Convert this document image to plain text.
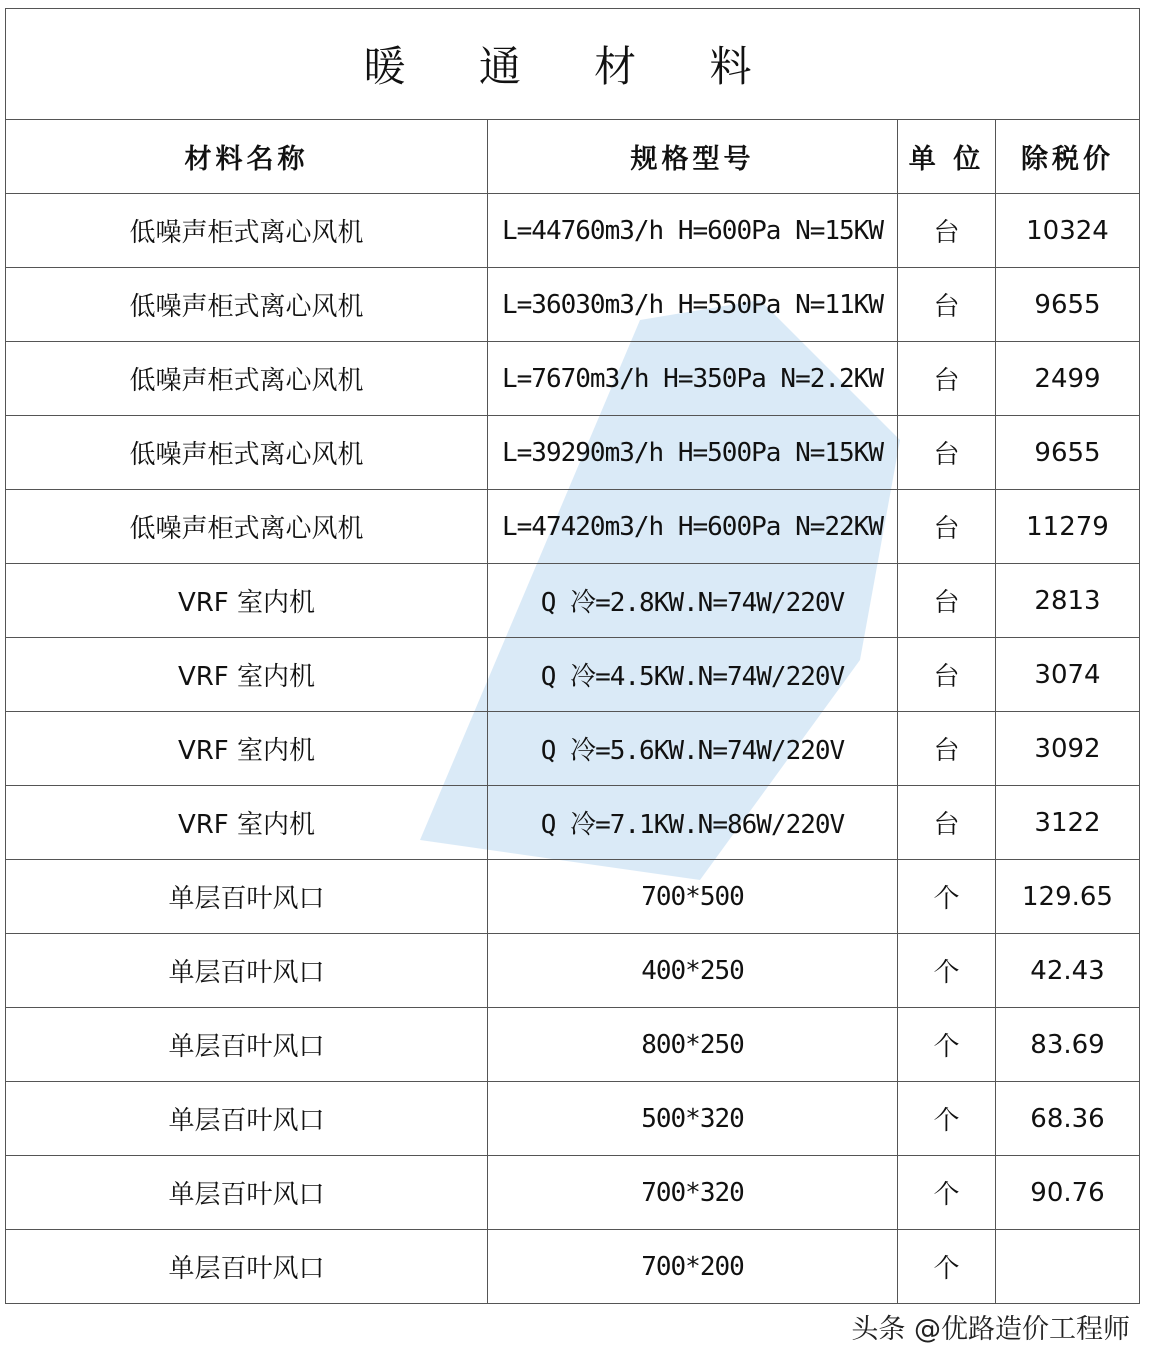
暖 通 材 料			
材料名称	规格型号	单 位	除税价
低噪声柜式离心风机	L=44760m3/h H=600Pa N=15KW	台	10324
低噪声柜式离心风机	L=36030m3/h H=550Pa N=11KW	台	9655
低噪声柜式离心风机	L=7670m3/h H=350Pa N=2.2KW	台	2499
低噪声柜式离心风机	L=39290m3/h H=500Pa N=15KW	台	9655
低噪声柜式离心风机	L=47420m3/h H=600Pa N=22KW	台	11279
VRF 室内机	Q 冷=2.8KW.N=74W/220V	台	2813
VRF 室内机	Q 冷=4.5KW.N=74W/220V	台	3074
VRF 室内机	Q 冷=5.6KW.N=74W/220V	台	3092
VRF 室内机	Q 冷=7.1KW.N=86W/220V	台	3122
单层百叶风口	700*500	个	129.65
单层百叶风口	400*250	个	42.43
单层百叶风口	800*250	个	83.69
单层百叶风口	500*320	个	68.36
单层百叶风口	700*320	个	90.76
单层百叶风口	700*200	个	
头条 @优路造价工程师
